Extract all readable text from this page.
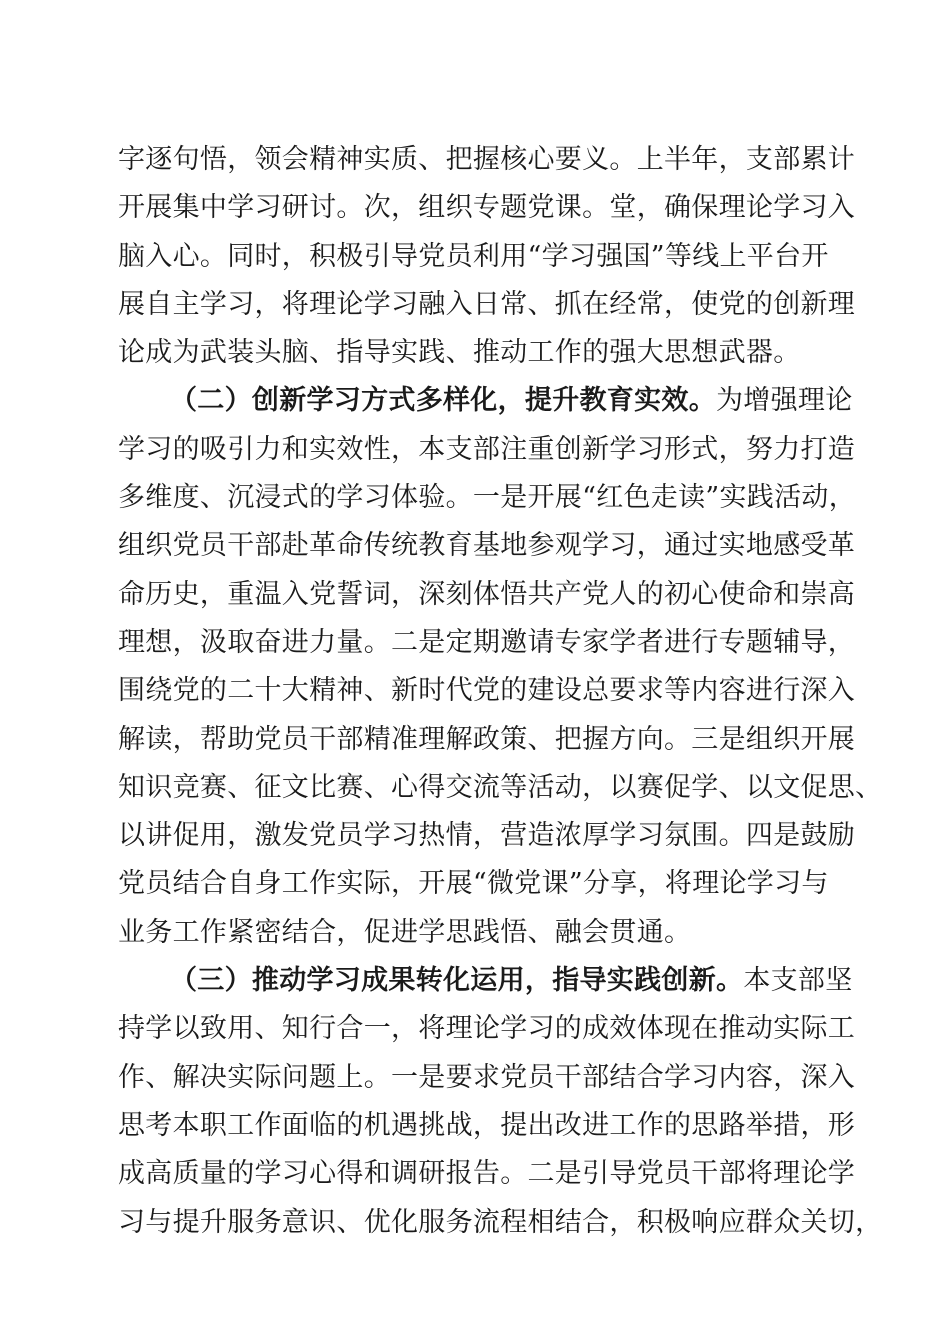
字逐句悟，领会精神实质、把握核心要义。上半年，支部累计
开展集中学习研讨。次，组织专题党课。堂，确保理论学习入
脑入心。同时，积极引导党员利用“学习强国”等线上平台开
展自主学习，将理论学习融入日常、抓在经常，使党的创新理
论成为武装头脑、指导实践、推动工作的强大思想武器。
（二）创新学习方式多样化，提升教育实效。为增强理论
学习的吸引力和实效性，本支部注重创新学习形式，努力打造
多维度、沉浸式的学习体验。一是开展“红色走读”实践活动，
组织党员干部赴革命传统教育基地参观学习，通过实地感受革
命历史，重温入党誓词，深刻体悟共产党人的初心使命和崇高
理想，汲取奋进力量。二是定期邀请专家学者进行专题辅导，
围绕党的二十大精神、新时代党的建设总要求等内容进行深入
解读，帮助党员干部精准理解政策、把握方向。三是组织开展
知识竞赛、征文比赛、心得交流等活动，以赛促学、以文促思、
以讲促用，激发党员学习热情，营造浓厚学习氛围。四是鼓励
党员结合自身工作实际，开展“微党课”分享，将理论学习与
业务工作紧密结合，促进学思践悟、融会贯通。
（三）推动学习成果转化运用，指导实践创新。本支部坚
持学以致用、知行合一，将理论学习的成效体现在推动实际工
作、解决实际问题上。一是要求党员干部结合学习内容，深入
思考本职工作面临的机遇挑战，提出改进工作的思路举措，形
成高质量的学习心得和调研报告。二是引导党员干部将理论学
习与提升服务意识、优化服务流程相结合，积极响应群众关切，
